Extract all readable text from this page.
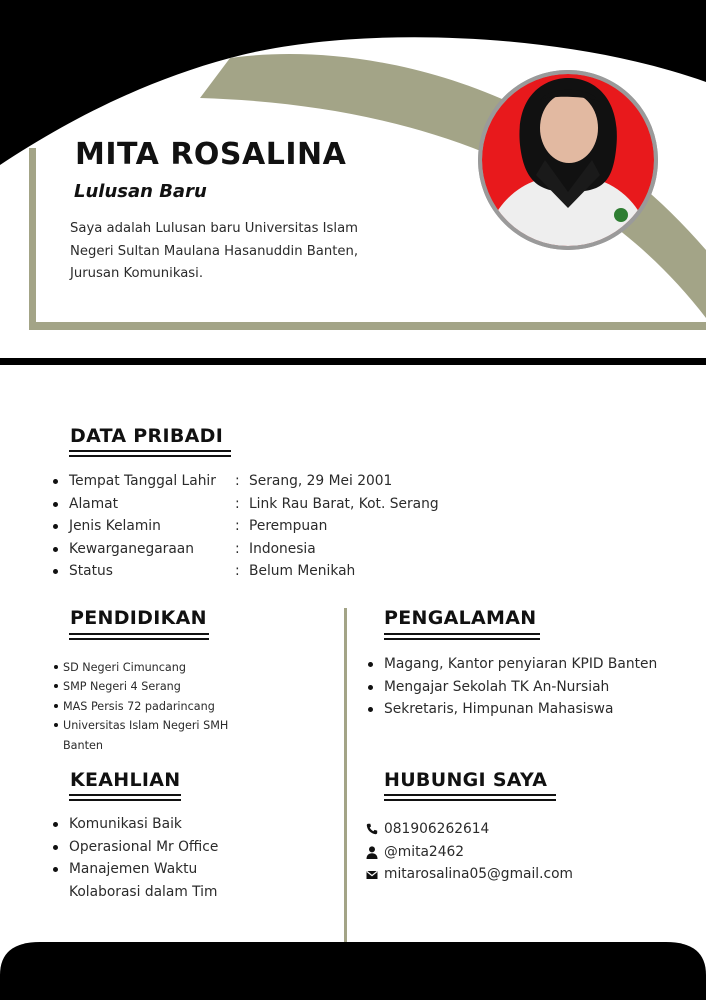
MITA ROSALINA
Lulusan Baru
Saya adalah Lulusan baru Universitas Islam
Negeri Sultan Maulana Hasanuddin Banten,
Jurusan Komunikasi.
DATA PRIBADI
Tempat Tanggal Lahir : Serang, 29 Mei 2001
Alamat	: Link Rau Barat, Kot. Serang
Jenis Kelamin	: Perempuan
Kewarganegaraan	: Indonesia
Status	: Belum Menikah
PENDIDIKAN
SD Negeri Cimuncang
SMP Negeri 4 Serang
MAS Persis 72 padarincang
Universitas Islam Negeri SMH Banten
PENGALAMAN
Magang, Kantor penyiaran KPID Banten
Mengajar Sekolah TK An-Nursiah
Sekretaris, Himpunan Mahasiswa
KEAHLIAN
Komunikasi Baik
Operasional Mr Office
Manajemen Waktu
Kolaborasi dalam Tim
HUBUNGI SAYA
081906262614
@mita2462
mitarosalina05@gmail.com
